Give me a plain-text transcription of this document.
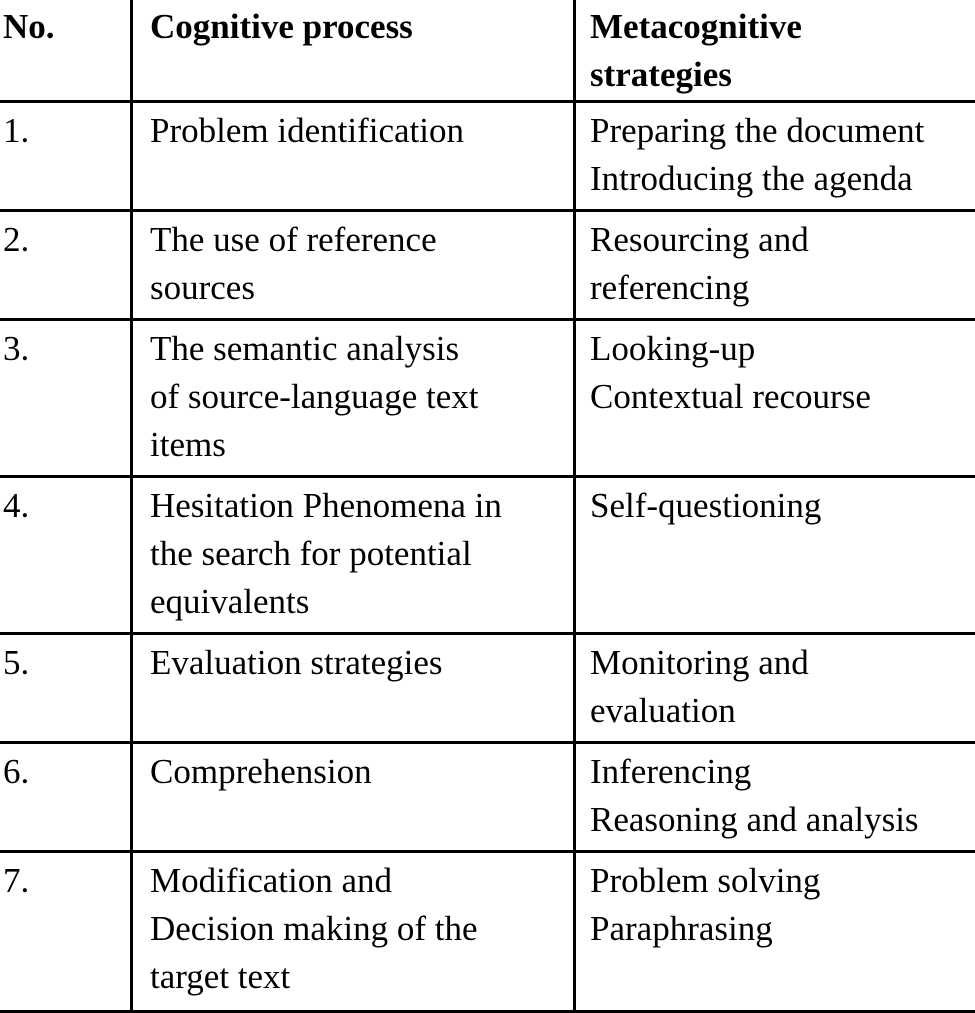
No.	Cognitive process	Metacognitive
strategies

1.	Problem identification	Preparing the document
Introducing the agenda

2.	The use of reference
sources	Resourcing and
referencing

3.	The semantic analysis
of source-language text
items	Looking-up
Contextual recourse

4.	Hesitation Phenomena in
the search for potential
equivalents	Self-questioning

5.	Evaluation strategies	Monitoring and
evaluation

6.	Comprehension	Inferencing
Reasoning and analysis

7.	Modification and
Decision making of the
target text	Problem solving
Paraphrasing
